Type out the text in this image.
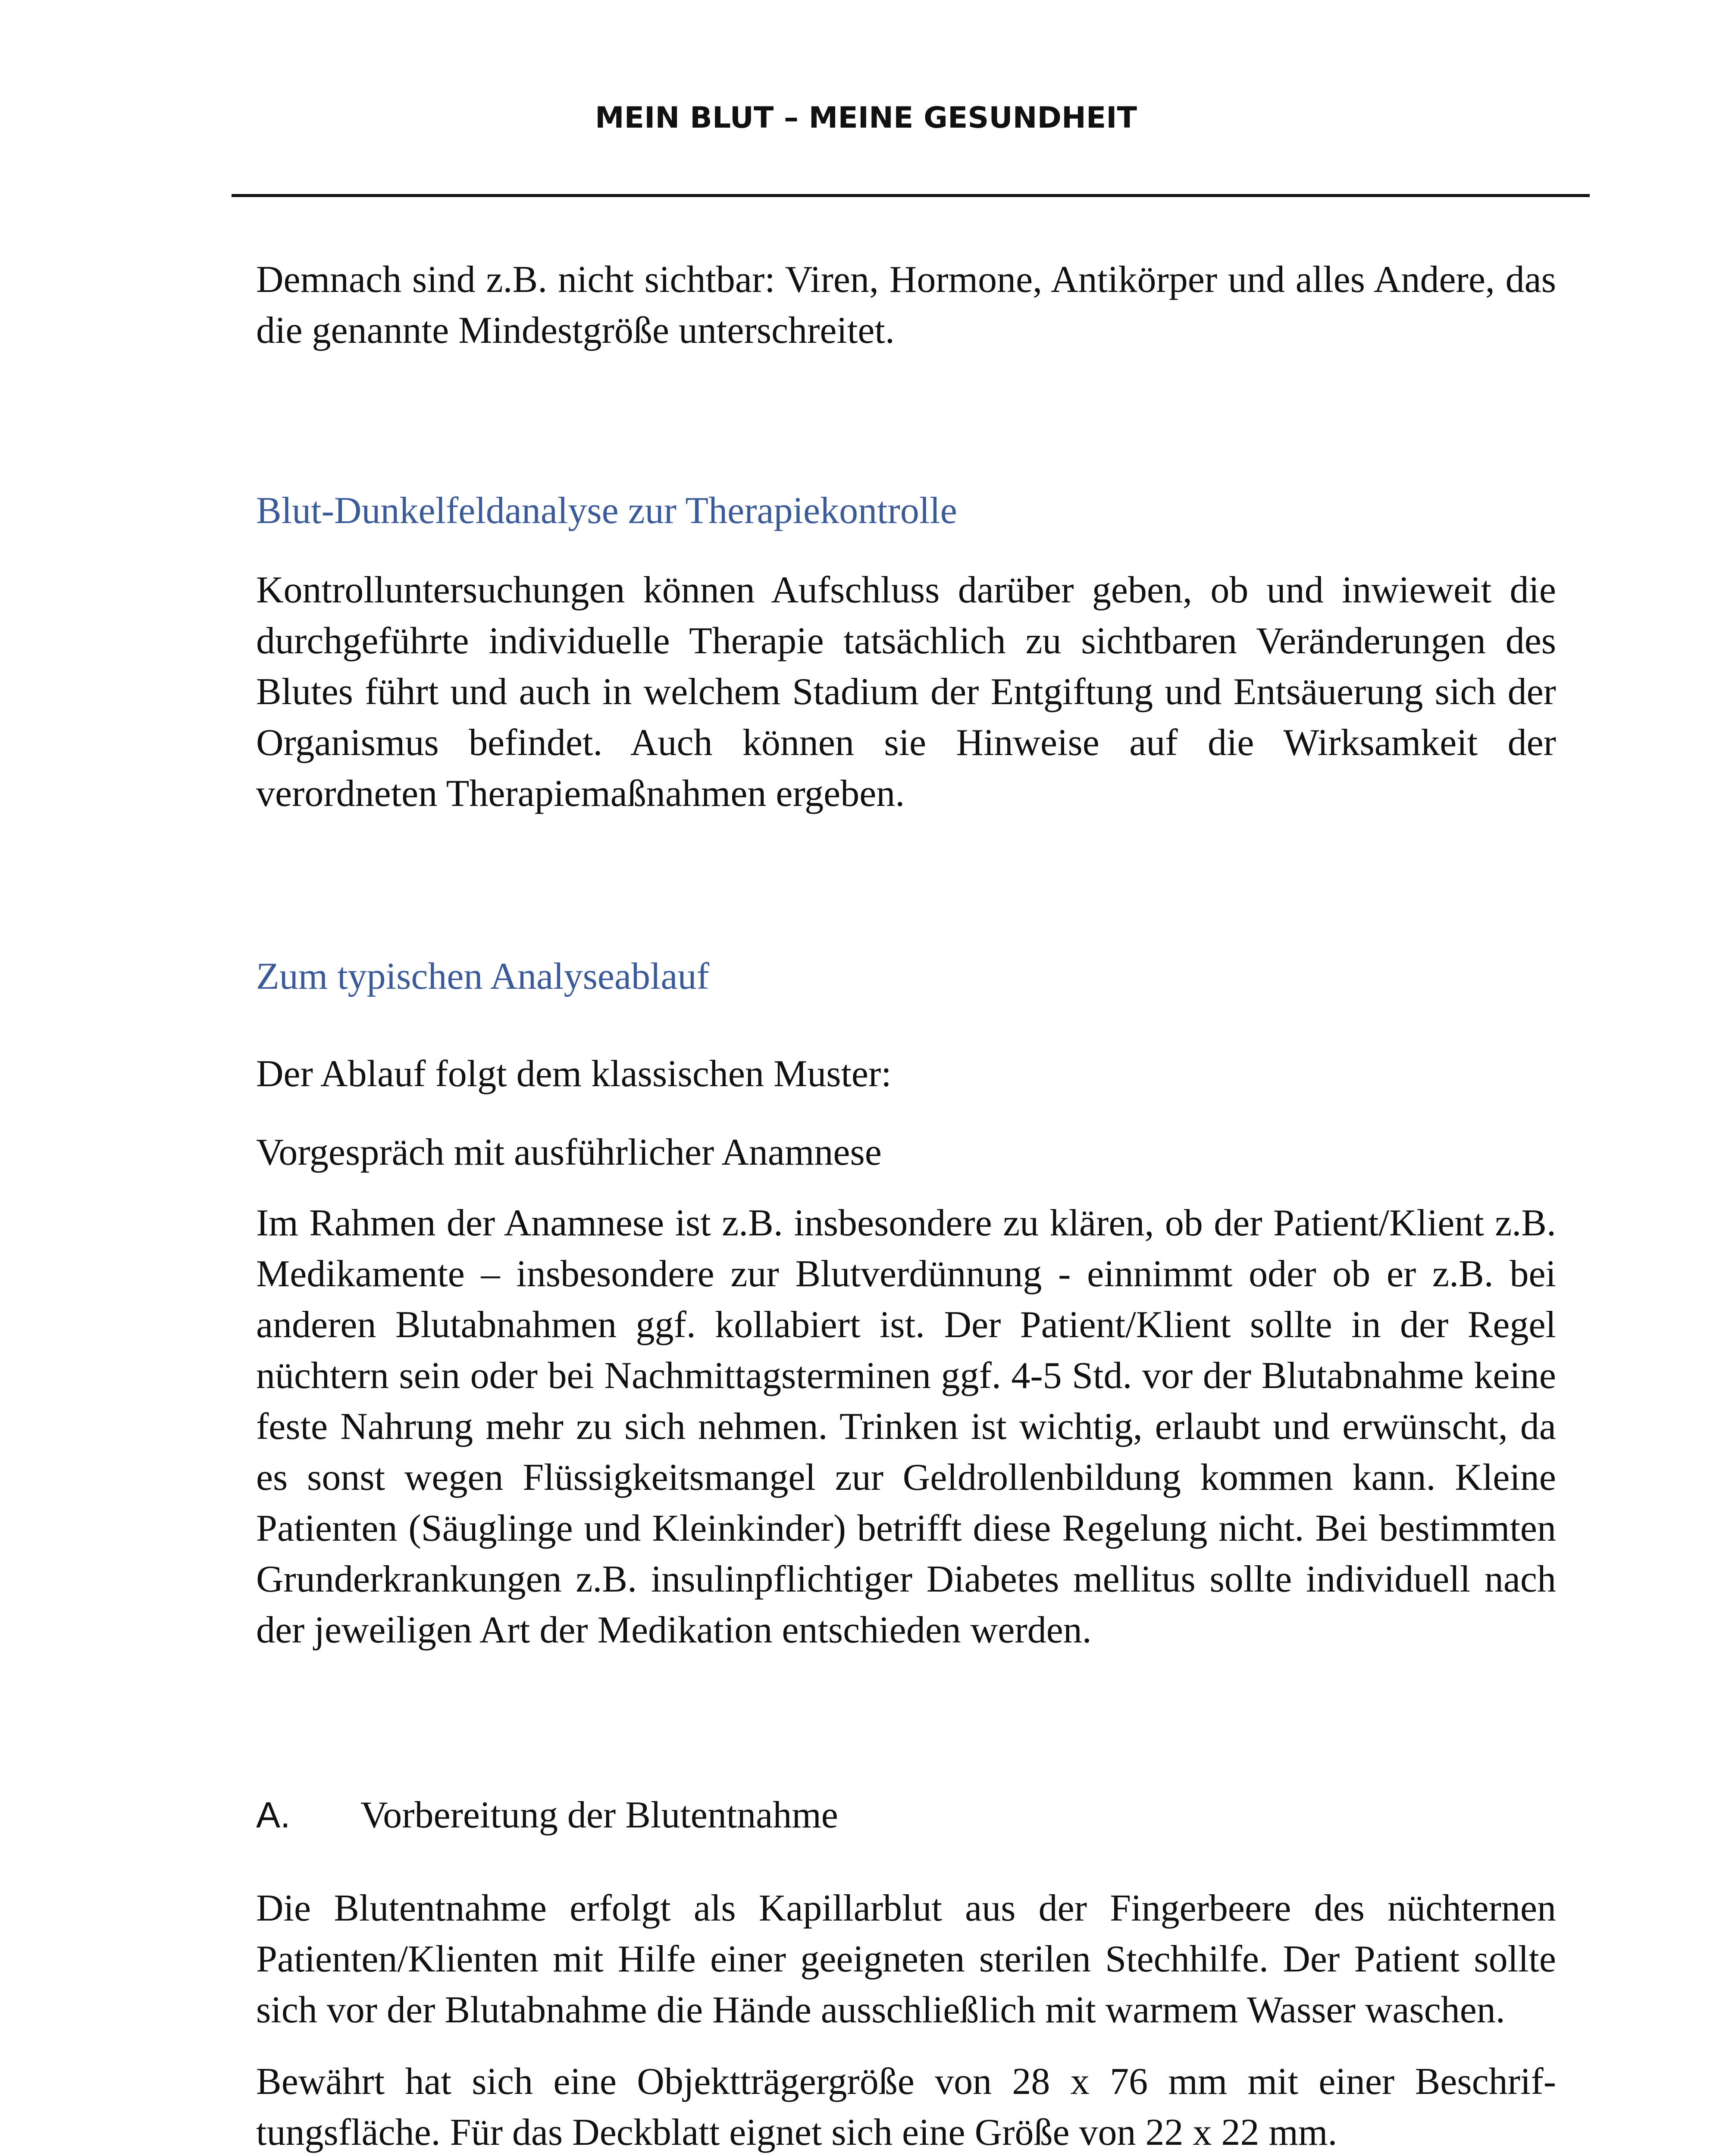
MEIN BLUT – MEINE GESUNDHEIT

Demnach sind z.B. nicht sichtbar: Viren, Hormone, Antikörper und alles Andere, das die genannte Mindestgröße unterschreitet.

Blut-Dunkelfeldanalyse zur Therapiekontrolle

Kontrolluntersuchungen können Aufschluss darüber geben, ob und inwieweit die durchgeführte individuelle Therapie tatsächlich zu sichtbaren Veränderungen des Blutes führt und auch in welchem Stadium der Entgiftung und Entsäuerung sich der Organismus befindet. Auch können sie Hinweise auf die Wirksamkeit der verordneten Therapiemaßnahmen ergeben.

Zum typischen Analyseablauf

Der Ablauf folgt dem klassischen Muster:

Vorgespräch mit ausführlicher Anamnese

Im Rahmen der Anamnese ist z.B. insbesondere zu klären, ob der Patient/Klient z.B. Medikamente – insbesondere zur Blutverdünnung - einnimmt oder ob er z.B. bei anderen Blutabnahmen ggf. kollabiert ist. Der Patient/Klient sollte in der Regel nüchtern sein oder bei Nachmittagsterminen ggf. 4-5 Std. vor der Blutabnahme keine feste Nahrung mehr zu sich nehmen. Trinken ist wichtig, erlaubt und erwünscht, da es sonst wegen Flüssigkeitsmangel zur Geldrollenbildung kommen kann. Kleine Patienten (Säuglinge und Kleinkinder) betrifft diese Regelung nicht. Bei bestimmten Grunderkrankungen z.B. insulinpflichtiger Diabetes mellitus sollte individuell nach der jeweiligen Art der Medikation entschieden werden.

A.	Vorbereitung der Blutentnahme

Die Blutentnahme erfolgt als Kapillarblut aus der Fingerbeere des nüchternen Patienten/Klienten mit Hilfe einer geeigneten sterilen Stechhilfe. Der Patient sollte sich vor der Blutabnahme die Hände ausschließlich mit warmem Wasser waschen.

Bewährt hat sich eine Objektträgergröße von 28 x 76 mm mit einer Beschriftungsfläche. Für das Deckblatt eignet sich eine Größe von 22 x 22 mm.
